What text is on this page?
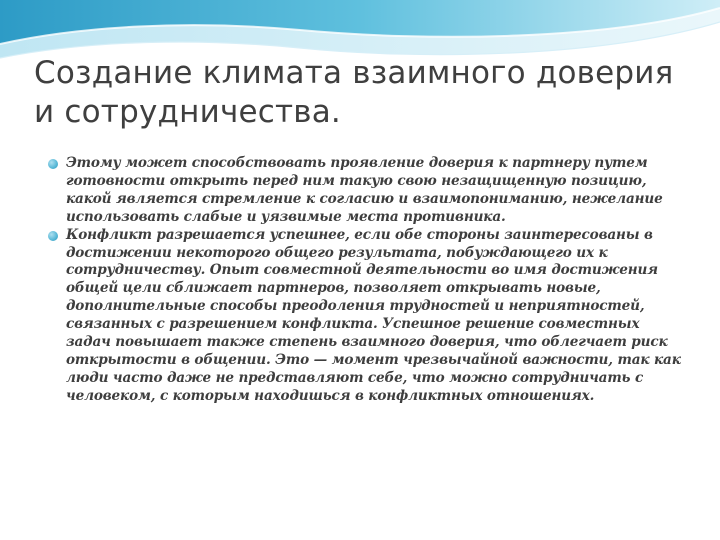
Создание климата взаимного доверия и сотрудничества.
Этому может способствовать проявление доверия к партнеру путем готовности открыть перед ним такую свою незащищенную позицию, какой является стремление к согласию и взаимопониманию, нежелание использовать слабые и уязвимые места противника.
Конфликт разрешается успешнее, если обе стороны заинтересованы в достижении некоторого общего результата, побуждающего их к сотрудничеству. Опыт совместной деятельности во имя достижения общей цели сближает партнеров, позволяет открывать новые, дополнительные способы преодоления трудностей и неприятностей, связанных с разрешением конфликта. Успешное решение совместных задач повышает также степень взаимного доверия, что облегчает риск открытости в общении. Это — момент чрезвычайной важности, так как люди часто даже не представляют себе, что можно сотрудничать с человеком, с которым находишься в конфликтных отношениях.
